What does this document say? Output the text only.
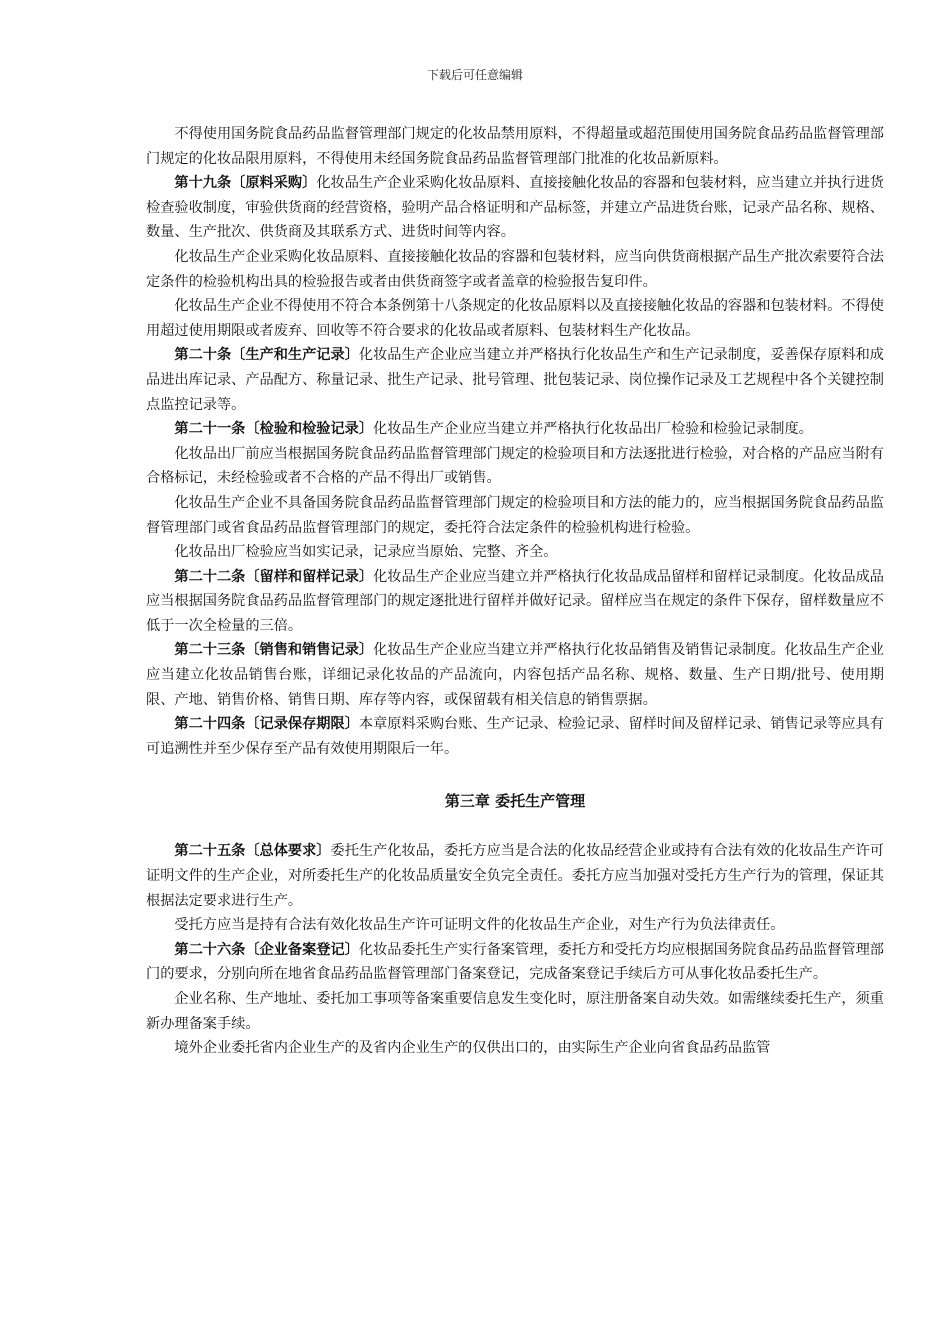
下载后可任意编辑

不得使用国务院食品药品监督管理部门规定的化妆品禁用原料，不得超量或超范围使用国务院食品药品监督管理部门规定的化妆品限用原料，不得使用未经国务院食品药品监督管理部门批准的化妆品新原料。

第十九条〔原料采购〕化妆品生产企业采购化妆品原料、直接接触化妆品的容器和包装材料，应当建立并执行进货检查验收制度，审验供货商的经营资格，验明产品合格证明和产品标签，并建立产品进货台账，记录产品名称、规格、数量、生产批次、供货商及其联系方式、进货时间等内容。

化妆品生产企业采购化妆品原料、直接接触化妆品的容器和包装材料，应当向供货商根据产品生产批次索要符合法定条件的检验机构出具的检验报告或者由供货商签字或者盖章的检验报告复印件。

化妆品生产企业不得使用不符合本条例第十八条规定的化妆品原料以及直接接触化妆品的容器和包装材料。不得使用超过使用期限或者废弃、回收等不符合要求的化妆品或者原料、包装材料生产化妆品。

第二十条〔生产和生产记录〕化妆品生产企业应当建立并严格执行化妆品生产和生产记录制度，妥善保存原料和成品进出库记录、产品配方、称量记录、批生产记录、批号管理、批包装记录、岗位操作记录及工艺规程中各个关键控制点监控记录等。

第二十一条〔检验和检验记录〕化妆品生产企业应当建立并严格执行化妆品出厂检验和检验记录制度。

化妆品出厂前应当根据国务院食品药品监督管理部门规定的检验项目和方法逐批进行检验，对合格的产品应当附有合格标记，未经检验或者不合格的产品不得出厂或销售。

化妆品生产企业不具备国务院食品药品监督管理部门规定的检验项目和方法的能力的，应当根据国务院食品药品监督管理部门或省食品药品监督管理部门的规定，委托符合法定条件的检验机构进行检验。

化妆品出厂检验应当如实记录，记录应当原始、完整、齐全。

第二十二条〔留样和留样记录〕化妆品生产企业应当建立并严格执行化妆品成品留样和留样记录制度。化妆品成品应当根据国务院食品药品监督管理部门的规定逐批进行留样并做好记录。留样应当在规定的条件下保存，留样数量应不低于一次全检量的三倍。

第二十三条〔销售和销售记录〕化妆品生产企业应当建立并严格执行化妆品销售及销售记录制度。化妆品生产企业应当建立化妆品销售台账，详细记录化妆品的产品流向，内容包括产品名称、规格、数量、生产日期/批号、使用期限、产地、销售价格、销售日期、库存等内容，或保留载有相关信息的销售票据。

第二十四条〔记录保存期限〕本章原料采购台账、生产记录、检验记录、留样时间及留样记录、销售记录等应具有可追溯性并至少保存至产品有效使用期限后一年。

第三章 委托生产管理

第二十五条〔总体要求〕委托生产化妆品，委托方应当是合法的化妆品经营企业或持有合法有效的化妆品生产许可证明文件的生产企业，对所委托生产的化妆品质量安全负完全责任。委托方应当加强对受托方生产行为的管理，保证其根据法定要求进行生产。

受托方应当是持有合法有效化妆品生产许可证明文件的化妆品生产企业，对生产行为负法律责任。

第二十六条〔企业备案登记〕化妆品委托生产实行备案管理，委托方和受托方均应根据国务院食品药品监督管理部门的要求，分别向所在地省食品药品监督管理部门备案登记，完成备案登记手续后方可从事化妆品委托生产。

企业名称、生产地址、委托加工事项等备案重要信息发生变化时，原注册备案自动失效。如需继续委托生产，须重新办理备案手续。

境外企业委托省内企业生产的及省内企业生产的仅供出口的，由实际生产企业向省食品药品监管
